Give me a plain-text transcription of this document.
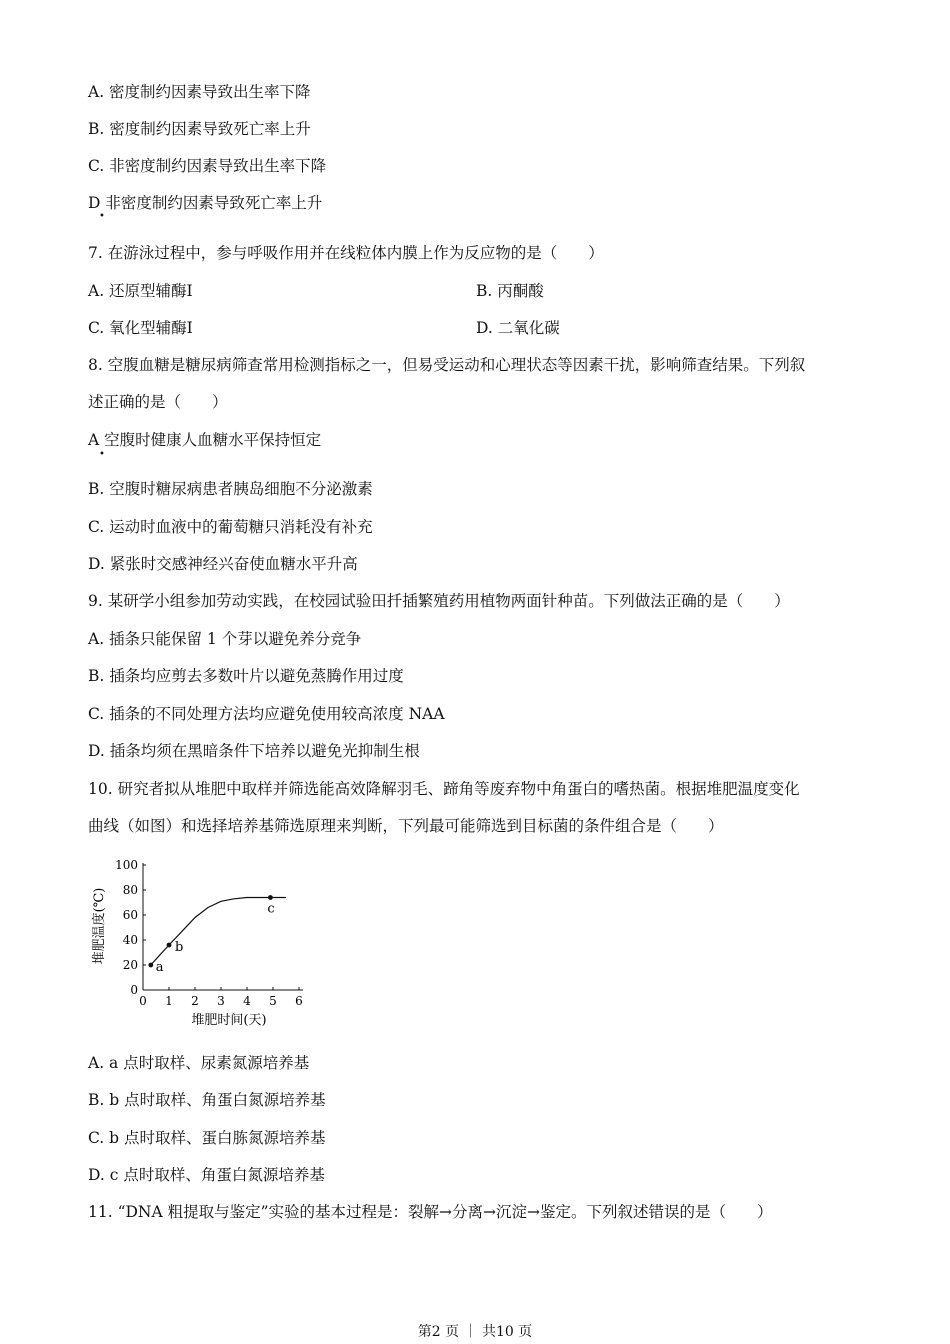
A. 密度制约因素导致出生率下降
B. 密度制约因素导致死亡率上升
C. 非密度制约因素导致出生率下降
D 非密度制约因素导致死亡率上升
•
7. 在游泳过程中，参与呼吸作用并在线粒体内膜上作为反应物的是（　　）
A. 还原型辅酶Ⅰ	B. 丙酮酸
C. 氧化型辅酶Ⅰ	D. 二氧化碳
8. 空腹血糖是糖尿病筛查常用检测指标之一，但易受运动和心理状态等因素干扰，影响筛查结果。下列叙
述正确的是（　　）
A 空腹时健康人血糖水平保持恒定
•
B. 空腹时糖尿病患者胰岛细胞不分泌激素
C. 运动时血液中的葡萄糖只消耗没有补充
D. 紧张时交感神经兴奋使血糖水平升高
9. 某研学小组参加劳动实践，在校园试验田扦插繁殖药用植物两面针种苗。下列做法正确的是（　　）
A. 插条只能保留 1 个芽以避免养分竞争
B. 插条均应剪去多数叶片以避免蒸腾作用过度
C. 插条的不同处理方法均应避免使用较高浓度 NAA
D. 插条均须在黑暗条件下培养以避免光抑制生根
10. 研究者拟从堆肥中取样并筛选能高效降解羽毛、蹄角等废弃物中角蛋白的嗜热菌。根据堆肥温度变化
曲线（如图）和选择培养基筛选原理来判断，下列最可能筛选到目标菌的条件组合是（　　）
0 1 2 3 4 5 6
0
20
40
60
80
100
a
b
c
堆肥温度(℃)
堆肥时间(天)
A. a 点时取样、尿素氮源培养基
B. b 点时取样、角蛋白氮源培养基
C. b 点时取样、蛋白胨氮源培养基
D. c 点时取样、角蛋白氮源培养基
11. “DNA 粗提取与鉴定”实验的基本过程是：裂解→分离→沉淀→鉴定。下列叙述错误的是（　　）
第2 页 ｜ 共10 页
